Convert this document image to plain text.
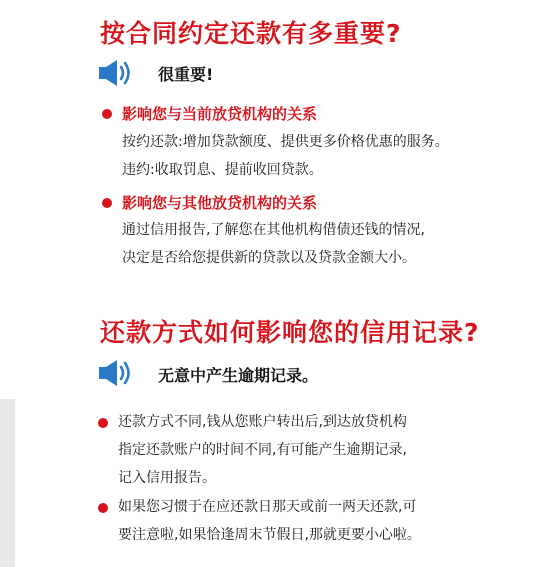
按合同约定还款有多重要?

很重要!

影响您与当前放贷机构的关系

按约还款:增加贷款额度、提供更多价格优惠的服务。

违约:收取罚息、提前收回贷款。

影响您与其他放贷机构的关系

通过信用报告,了解您在其他机构借债还钱的情况,

决定是否给您提供新的贷款以及贷款金额大小。

还款方式如何影响您的信用记录?

无意中产生逾期记录。

还款方式不同,钱从您账户转出后,到达放贷机构

指定还款账户的时间不同,有可能产生逾期记录,

记入信用报告。

如果您习惯于在应还款日那天或前一两天还款,可

要注意啦,如果恰逢周末节假日,那就更要小心啦。
